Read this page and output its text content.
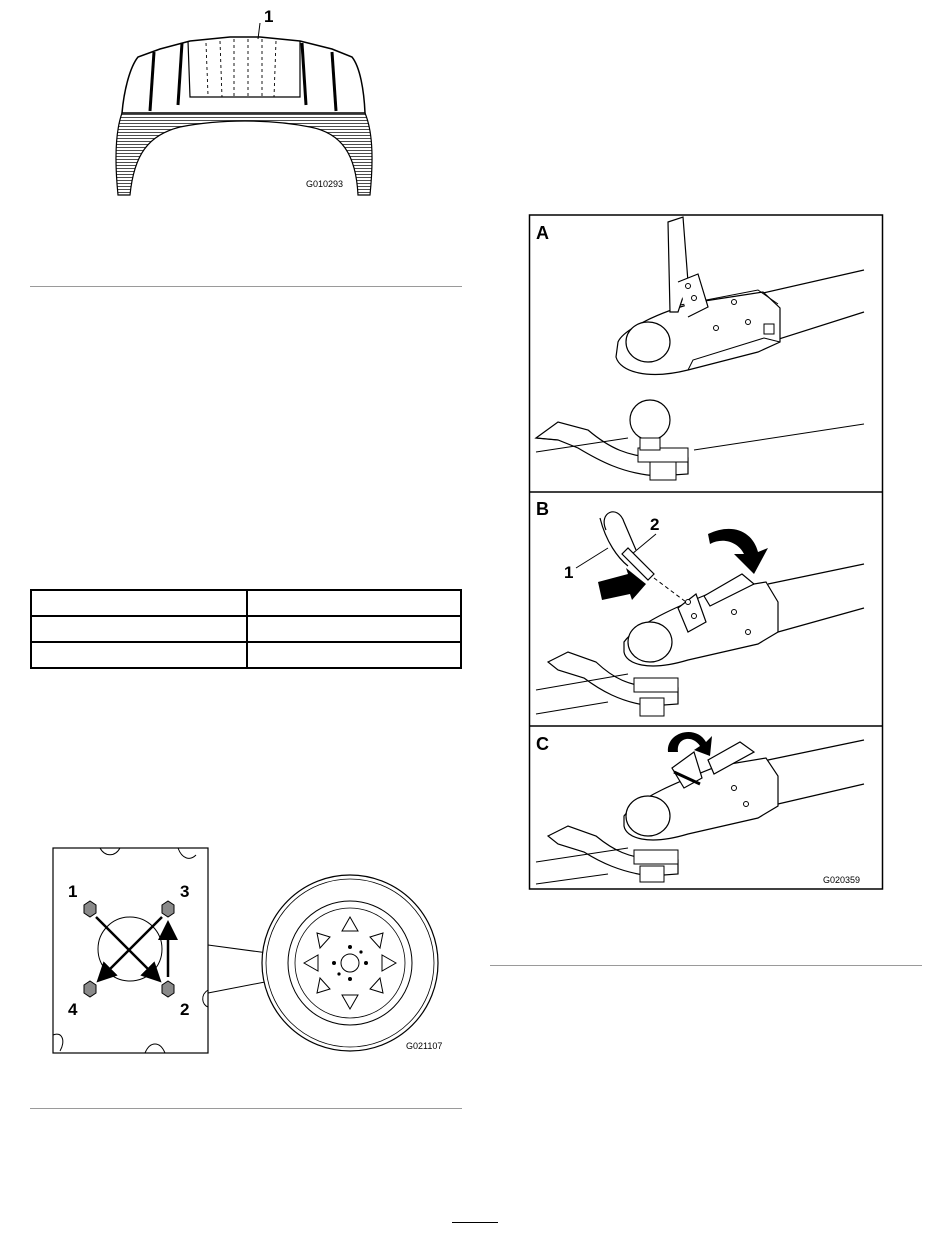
1
G010293

1	3
4	2
G021107
A
B
1
2
C
G020359
